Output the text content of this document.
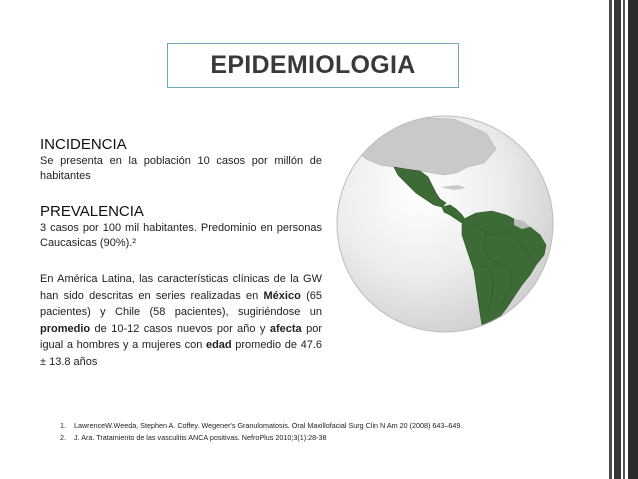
EPIDEMIOLOGIA
INCIDENCIA
Se presenta en la población 10 casos por millón de habitantes
PREVALENCIA
3 casos por 100 mil habitantes. Predominio en personas Caucasicas (90%).²
En América Latina, las características clínicas de la GW han sido descritas en series realizadas en México (65 pacientes) y Chile (58 pacientes), sugiriéndose un promedio de 10-12 casos nuevos por año y afecta por igual a hombres y a mujeres con edad promedio de 47.6 ± 13.8 años
1.	LawrenceW.Weeda, Stephen A. Coffey. Wegener's Granulomatosis. Oral Maxillofacial Surg Clin N Am 20 (2008) 643–649.
2.	J. Ara. Tratamiento de las vasculitis ANCA positivas. NefroPlus 2010;3(1):28-38
